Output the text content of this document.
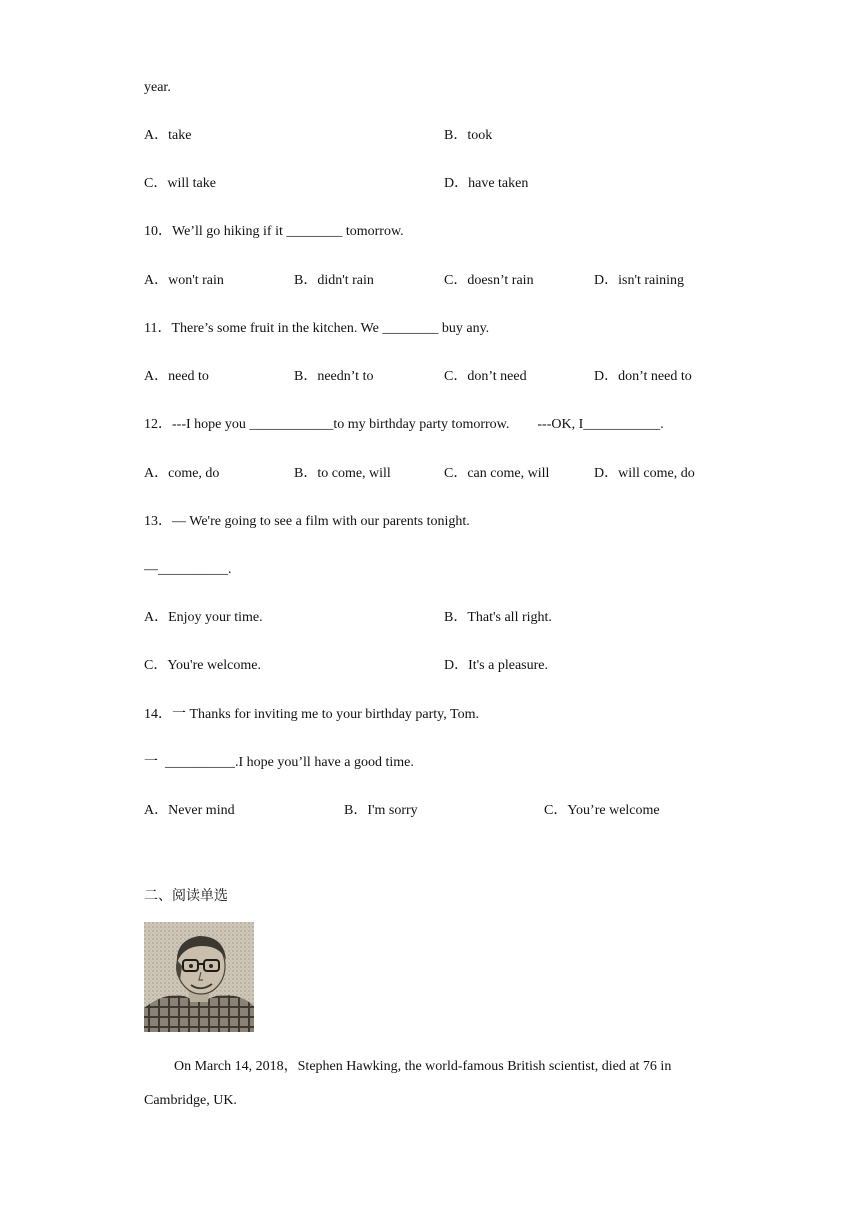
year.
A．take	B．took
C．will take	D．have taken
10．We’ll go hiking if it ________ tomorrow.
A．won't rain	B．didn't rain	C．doesn’t rain	D．isn't raining
11．There’s some fruit in the kitchen. We ________ buy any.
A．need to	B．needn’t to	C．don’t need	D．don’t need to
12．---I hope you ____________to my birthday party tomorrow.        ---OK, I___________.
A．come, do	B．to come, will	C．can come, will	D．will come, do
13．— We're going to see a film with our parents tonight.
—__________.
A．Enjoy your time.	B．That's all right.
C．You're welcome.	D．It's a pleasure.
14．一 Thanks for inviting me to your birthday party, Tom.
一  __________.I hope you’ll have a good time.
A．Never mind	B．I'm sorry	C．You’re welcome
二、阅读单选
On March 14, 2018，Stephen Hawking, the world-famous British scientist, died at 76 in
Cambridge, UK.
